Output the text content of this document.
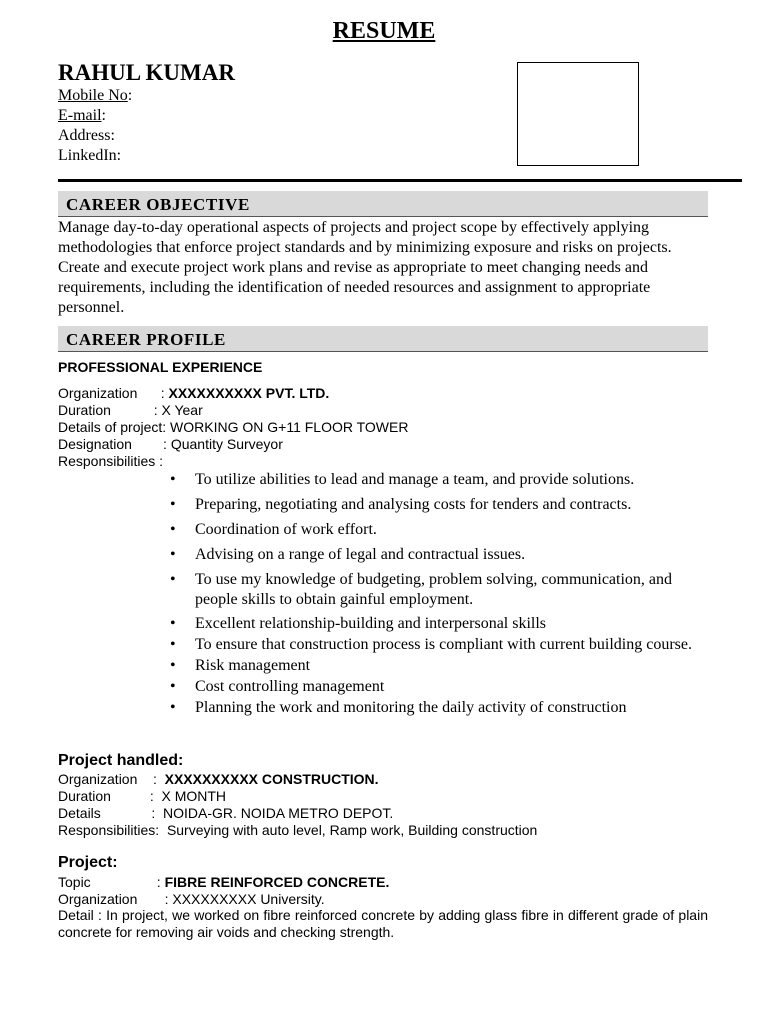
RESUME
RAHUL KUMAR
Mobile No:
E-mail:
Address:
LinkedIn:
CAREER OBJECTIVE

Manage day-to-day operational aspects of projects and project scope by effectively applying methodologies that enforce project standards and by minimizing exposure and risks on projects. Create and execute project work plans and revise as appropriate to meet changing needs and requirements, including the identification of needed resources and assignment to appropriate personnel.

CAREER PROFILE
PROFESSIONAL EXPERIENCE
Organization      : XXXXXXXXXX PVT. LTD.
Duration           : X Year
Details of project: WORKING ON G+11 FLOOR TOWER
Designation        : Quantity Surveyor
Responsibilities :
• To utilize abilities to lead and manage a team, and provide solutions.
• Preparing, negotiating and analysing costs for tenders and contracts.
• Coordination of work effort.
• Advising on a range of legal and contractual issues.
• To use my knowledge of budgeting, problem solving, communication, and people skills to obtain gainful employment.
• Excellent relationship-building and interpersonal skills
• To ensure that construction process is compliant with current building course.
• Risk management
• Cost controlling management
• Planning the work and monitoring the daily activity of construction
Project handled:
Organization    :  XXXXXXXXXX CONSTRUCTION.
Duration          :  X MONTH
Details             :  NOIDA-GR. NOIDA METRO DEPOT.
Responsibilities:  Surveying with auto level, Ramp work, Building construction
Project:
Topic                 : FIBRE REINFORCED CONCRETE.
Organization       : XXXXXXXXX University.

Detail : In project, we worked on fibre reinforced concrete by adding glass fibre in different grade of plain concrete for removing air voids and checking strength.
